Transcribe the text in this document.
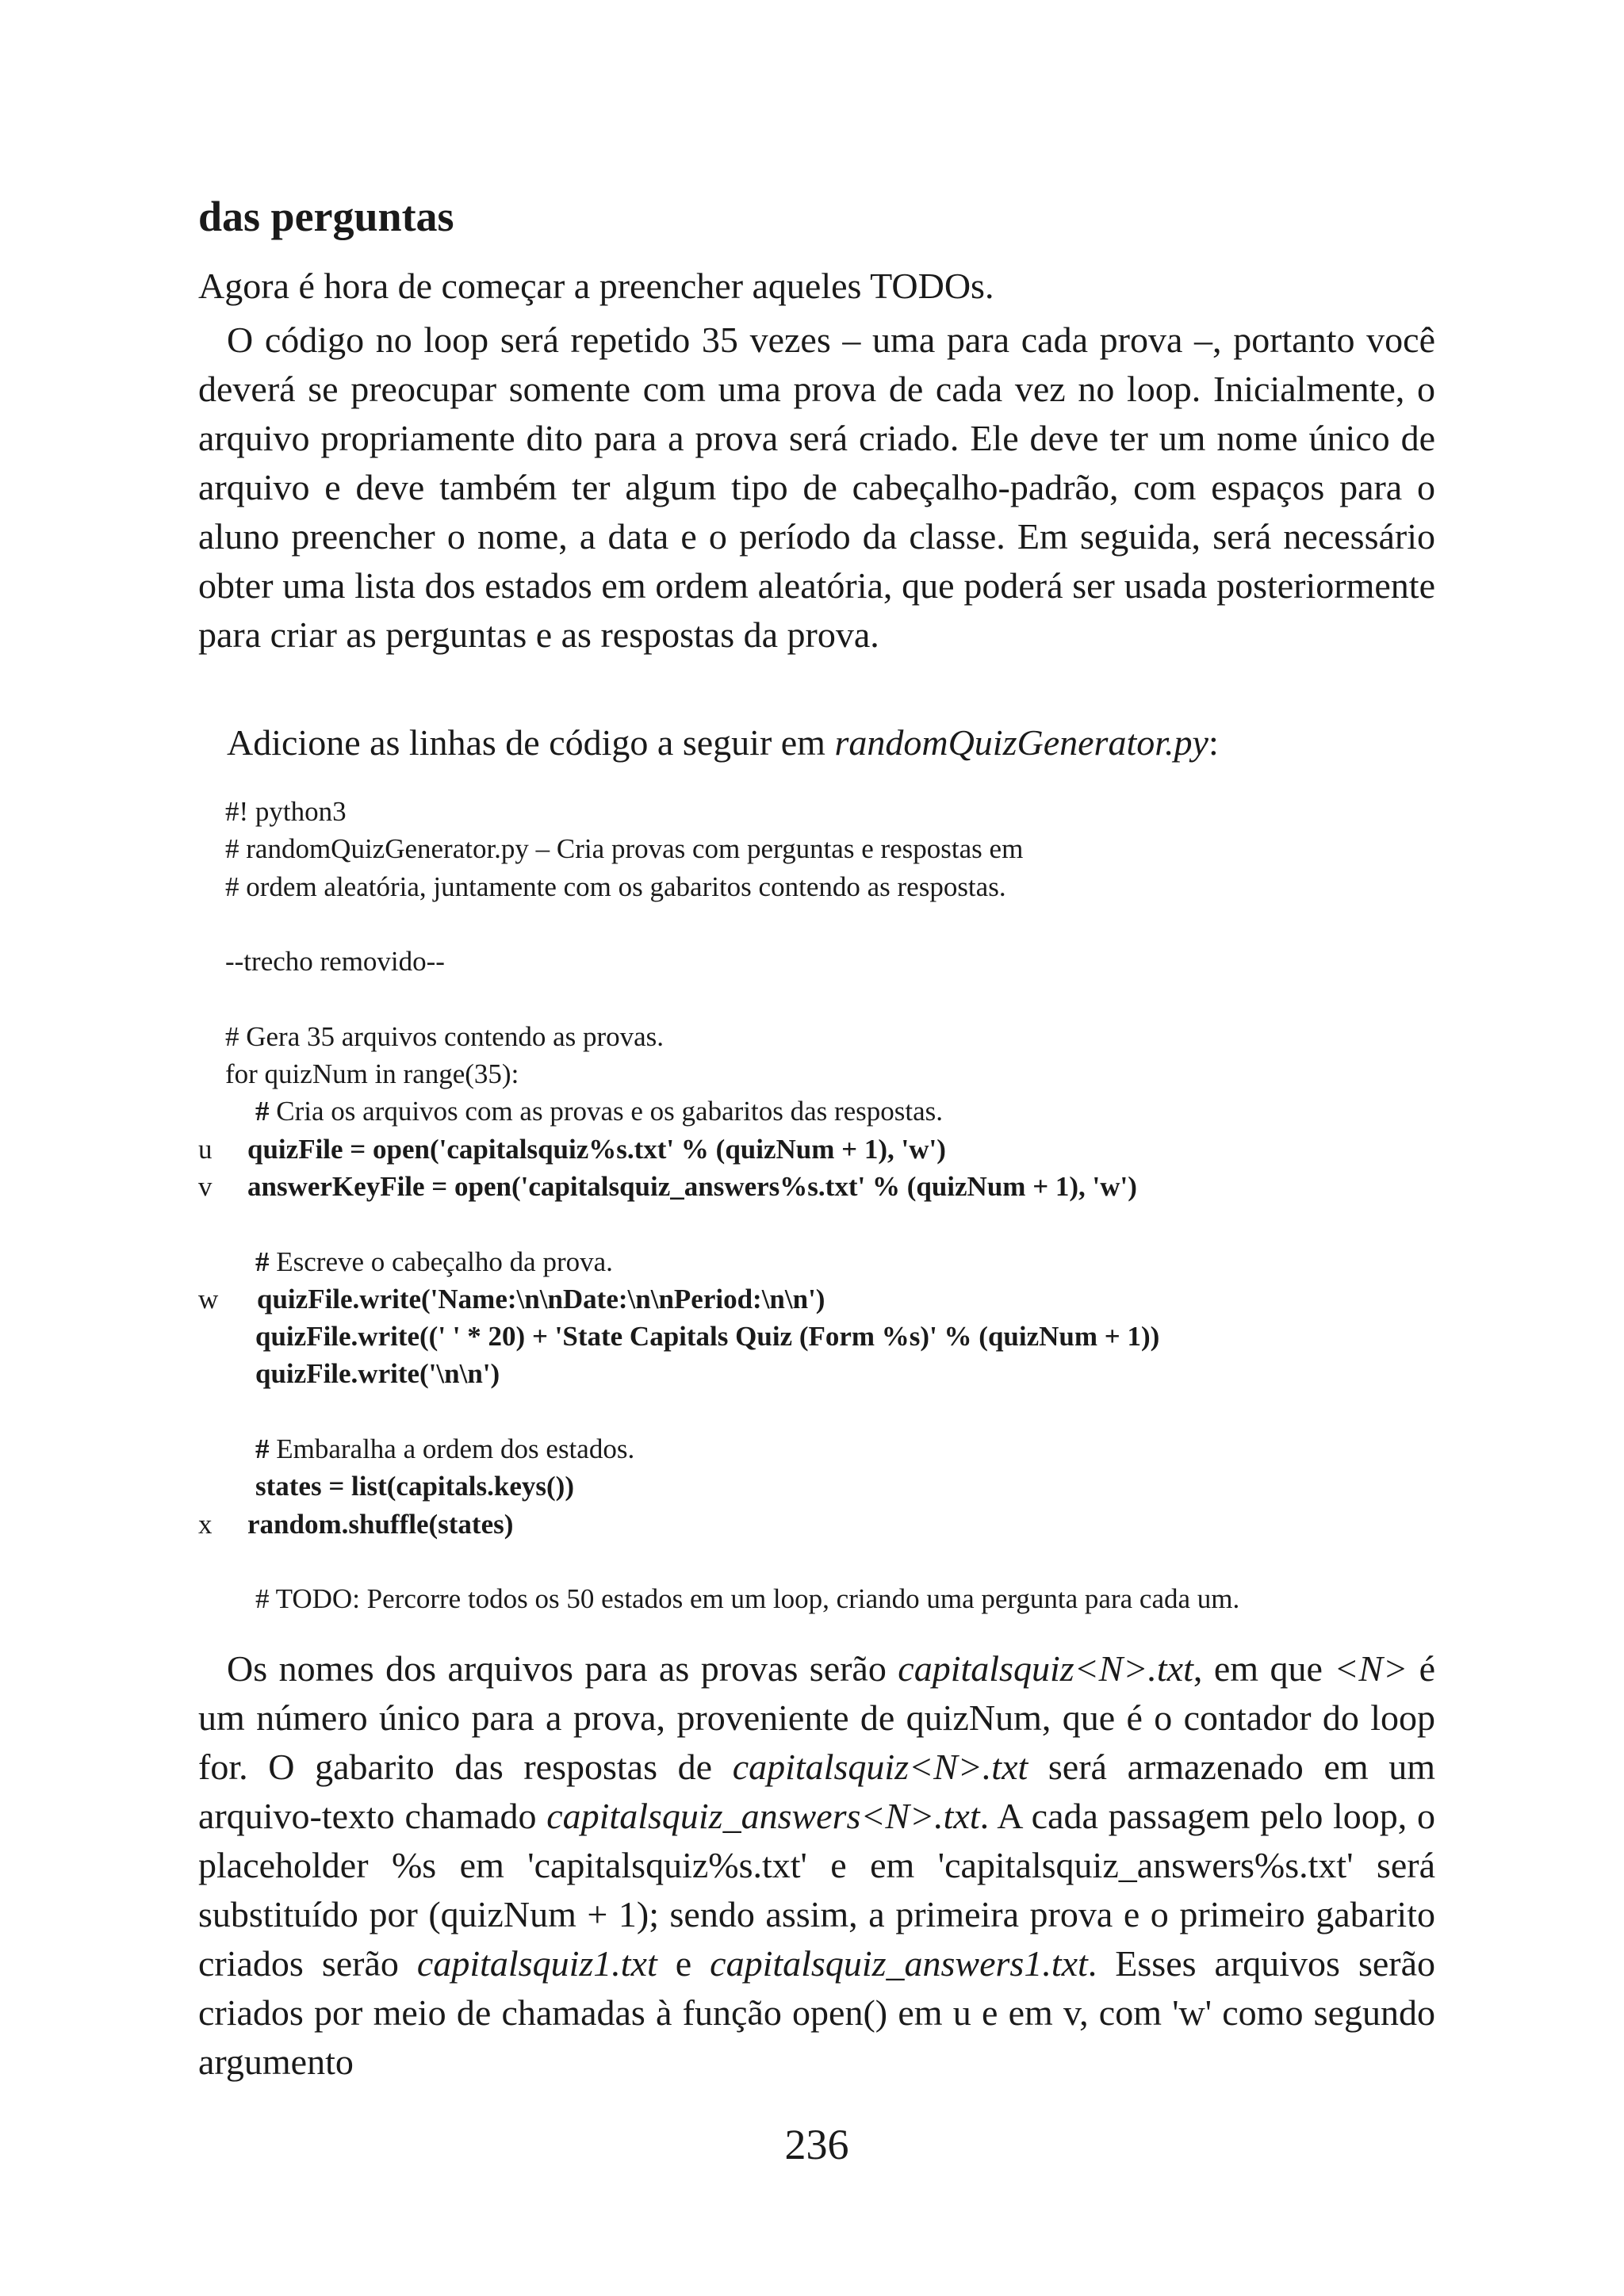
das perguntas

Agora é hora de começar a preencher aqueles TODOs.

O código no loop será repetido 35 vezes – uma para cada prova –, portanto você deverá se preocupar somente com uma prova de cada vez no loop. Inicialmente, o arquivo propriamente dito para a prova será criado. Ele deve ter um nome único de arquivo e deve também ter algum tipo de cabeçalho-padrão, com espaços para o aluno preencher o nome, a data e o período da classe. Em seguida, será necessário obter uma lista dos estados em ordem aleatória, que poderá ser usada posteriormente para criar as perguntas e as respostas da prova.

Adicione as linhas de código a seguir em randomQuizGenerator.py:

#! python3
# randomQuizGenerator.py – Cria provas com perguntas e respostas em
# ordem aleatória, juntamente com os gabaritos contendo as respostas.
--trecho removido--
# Gera 35 arquivos contendo as provas.
for quizNum in range(35):
# Cria os arquivos com as provas e os gabaritos das respostas.
u	quizFile = open('capitalsquiz%s.txt' % (quizNum + 1), 'w')
v	answerKeyFile = open('capitalsquiz_answers%s.txt' % (quizNum + 1), 'w')
# Escreve o cabeçalho da prova.
w quizFile.write('Name:\n\nDate:\n\nPeriod:\n\n')
quizFile.write((' ' * 20) + 'State Capitals Quiz (Form %s)' % (quizNum + 1))
quizFile.write('\n\n')
# Embaralha a ordem dos estados.
states = list(capitals.keys())
x	random.shuffle(states)
# TODO: Percorre todos os 50 estados em um loop, criando uma pergunta para cada um.

Os nomes dos arquivos para as provas serão capitalsquiz<N>.txt, em que <N> é um número único para a prova, proveniente de quizNum, que é o contador do loop for. O gabarito das respostas de capitalsquiz<N>.txt será armazenado em um arquivo-texto chamado capitalsquiz_answers<N>.txt. A cada passagem pelo loop, o placeholder %s em 'capitalsquiz%s.txt' e em 'capitalsquiz_answers%s.txt' será substituído por (quizNum + 1); sendo assim, a primeira prova e o primeiro gabarito criados serão capitalsquiz1.txt e capitalsquiz_answers1.txt. Esses arquivos serão criados por meio de chamadas à função open() em u e em v, com 'w' como segundo argumento

236
